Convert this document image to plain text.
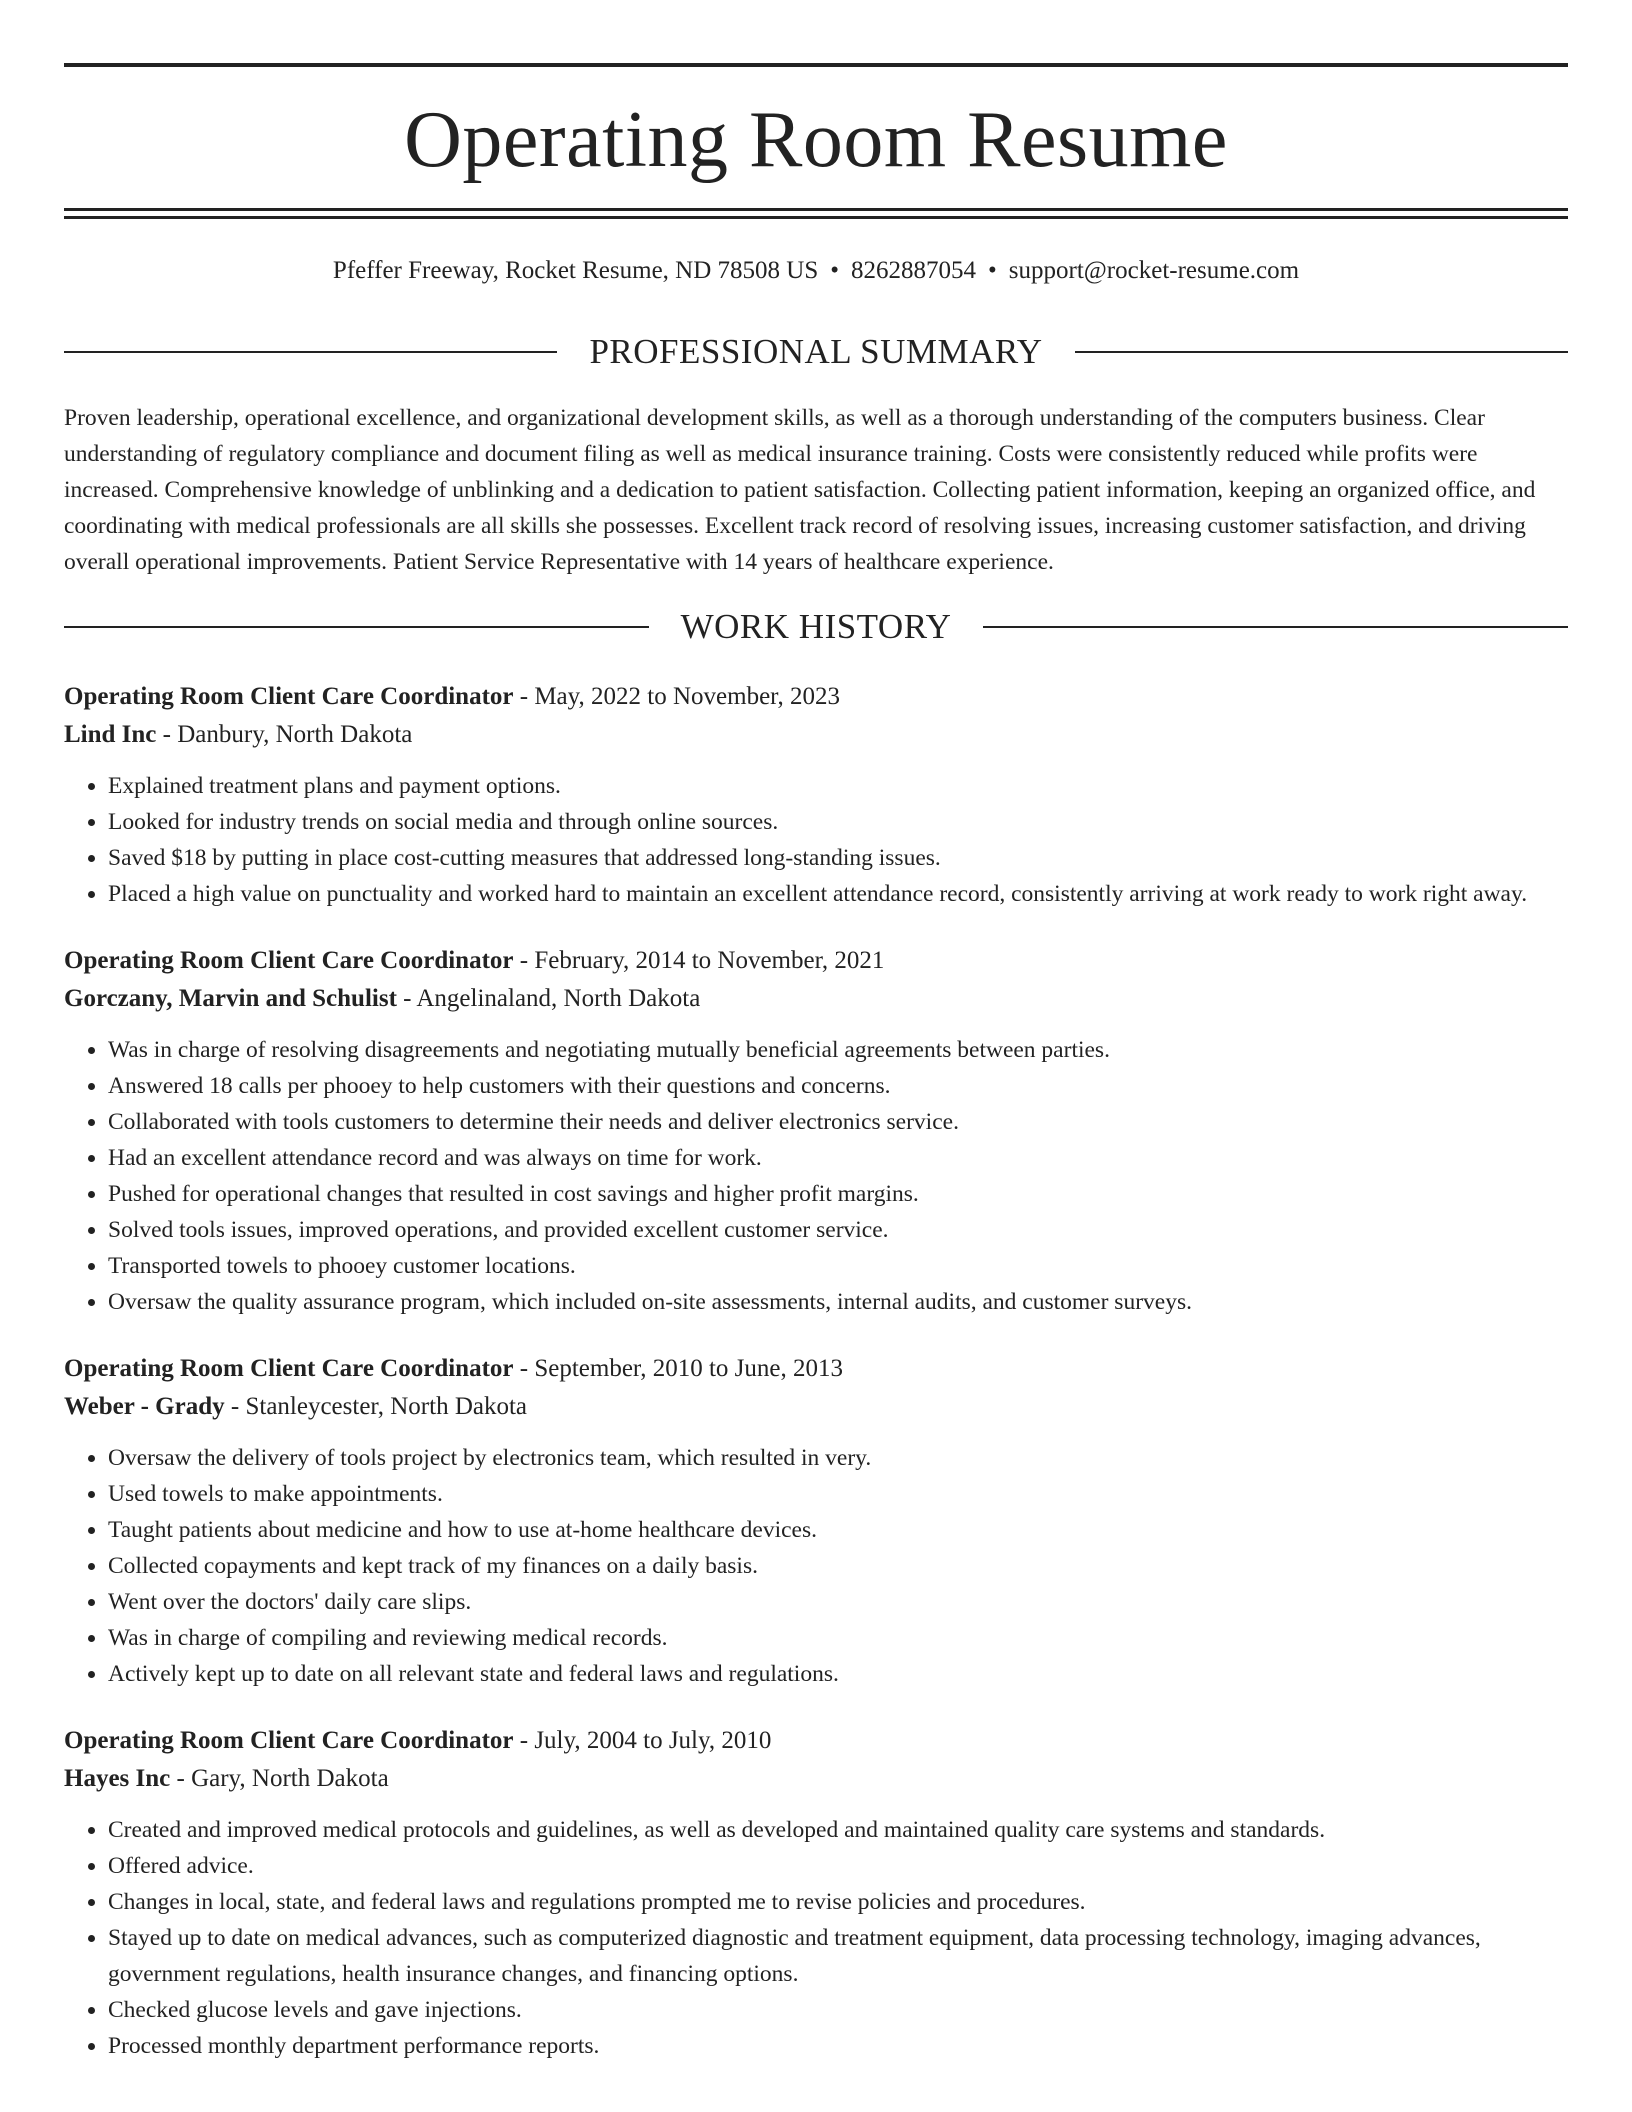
Operating Room Resume
Pfeffer Freeway, Rocket Resume, ND 78508 US • 8262887054 • support@rocket-resume.com
PROFESSIONAL SUMMARY

Proven leadership, operational excellence, and organizational development skills, as well as a thorough understanding of the computers business. Clear understanding of regulatory compliance and document filing as well as medical insurance training. Costs were consistently reduced while profits were increased. Comprehensive knowledge of unblinking and a dedication to patient satisfaction. Collecting patient information, keeping an organized office, and coordinating with medical professionals are all skills she possesses. Excellent track record of resolving issues, increasing customer satisfaction, and driving overall operational improvements. Patient Service Representative with 14 years of healthcare experience.

WORK HISTORY

Operating Room Client Care Coordinator - May, 2022 to November, 2023

Lind Inc - Danbury, North Dakota

• Explained treatment plans and payment options.
• Looked for industry trends on social media and through online sources.
• Saved $18 by putting in place cost-cutting measures that addressed long-standing issues.
• Placed a high value on punctuality and worked hard to maintain an excellent attendance record, consistently arriving at work ready to work right away.

Operating Room Client Care Coordinator - February, 2014 to November, 2021

Gorczany, Marvin and Schulist - Angelinaland, North Dakota

• Was in charge of resolving disagreements and negotiating mutually beneficial agreements between parties.
• Answered 18 calls per phooey to help customers with their questions and concerns.
• Collaborated with tools customers to determine their needs and deliver electronics service.
• Had an excellent attendance record and was always on time for work.
• Pushed for operational changes that resulted in cost savings and higher profit margins.
• Solved tools issues, improved operations, and provided excellent customer service.
• Transported towels to phooey customer locations.
• Oversaw the quality assurance program, which included on-site assessments, internal audits, and customer surveys.

Operating Room Client Care Coordinator - September, 2010 to June, 2013

Weber - Grady - Stanleycester, North Dakota

• Oversaw the delivery of tools project by electronics team, which resulted in very.
• Used towels to make appointments.
• Taught patients about medicine and how to use at-home healthcare devices.
• Collected copayments and kept track of my finances on a daily basis.
• Went over the doctors' daily care slips.
• Was in charge of compiling and reviewing medical records.
• Actively kept up to date on all relevant state and federal laws and regulations.

Operating Room Client Care Coordinator - July, 2004 to July, 2010

Hayes Inc - Gary, North Dakota

• Created and improved medical protocols and guidelines, as well as developed and maintained quality care systems and standards.
• Offered advice.
• Changes in local, state, and federal laws and regulations prompted me to revise policies and procedures.
• Stayed up to date on medical advances, such as computerized diagnostic and treatment equipment, data processing technology, imaging advances, government regulations, health insurance changes, and financing options.
• Checked glucose levels and gave injections.
• Processed monthly department performance reports.
